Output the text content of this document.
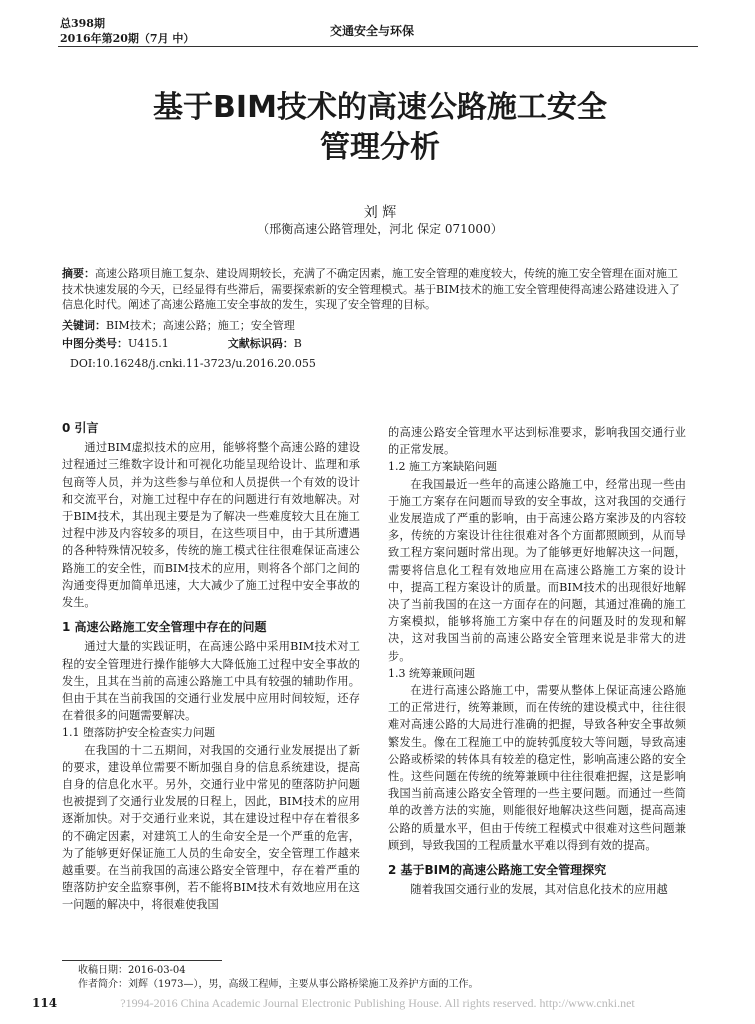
总398期
2016年第20期（7月 中）
交通安全与环保
基于BIM技术的高速公路施工安全
管理分析
刘 辉
（邢衡高速公路管理处，河北 保定 071000）
摘要：高速公路项目施工复杂、建设周期较长，充满了不确定因素，施工安全管理的难度较大，传统的施工安全管理在面对施工技术快速发展的今天，已经显得有些滞后，需要探索新的安全管理模式。基于BIM技术的施工安全管理使得高速公路建设进入了信息化时代。阐述了高速公路施工安全事故的发生，实现了安全管理的目标。
关键词：BIM技术；高速公路；施工；安全管理
中图分类号：U415.1	文献标识码：B
DOI:10.16248/j.cnki.11-3723/u.2016.20.055
0 引言

通过BIM虚拟技术的应用，能够将整个高速公路的建设过程通过三维数字设计和可视化功能呈现给设计、监理和承包商等人员，并为这些参与单位和人员提供一个有效的设计和交流平台，对施工过程中存在的问题进行有效地解决。对于BIM技术，其出现主要是为了解决一些难度较大且在施工过程中涉及内容较多的项目，在这些项目中，由于其所遭遇的各种特殊情况较多，传统的施工模式往往很难保证高速公路施工的安全性，而BIM技术的应用，则将各个部门之间的沟通变得更加简单迅速，大大减少了施工过程中安全事故的发生。

1 高速公路施工安全管理中存在的问题

通过大量的实践证明，在高速公路中采用BIM技术对工程的安全管理进行操作能够大大降低施工过程中安全事故的发生，且其在当前的高速公路施工中具有较强的辅助作用。但由于其在当前我国的交通行业发展中应用时间较短，还存在着很多的问题需要解决。

1.1 堕落防护安全检查实力问题

在我国的十二五期间，对我国的交通行业发展提出了新的要求，建设单位需要不断加强自身的信息系统建设，提高自身的信息化水平。另外，交通行业中常见的堕落防护问题也被提到了交通行业发展的日程上，因此，BIM技术的应用逐渐加快。对于交通行业来说，其在建设过程中存在着很多的不确定因素，对建筑工人的生命安全是一个严重的危害，为了能够更好保证施工人员的生命安全，安全管理工作越来越重要。在当前我国的高速公路安全管理中，存在着严重的堕落防护安全监察事例，若不能将BIM技术有效地应用在这一问题的解决中，将很难使我国

的高速公路安全管理水平达到标准要求，影响我国交通行业的正常发展。

1.2 施工方案缺陷问题

在我国最近一些年的高速公路施工中，经常出现一些由于施工方案存在问题而导致的安全事故，这对我国的交通行业发展造成了严重的影响，由于高速公路方案涉及的内容较多，传统的方案设计往往很难对各个方面都照顾到，从而导致工程方案问题时常出现。为了能够更好地解决这一问题，需要将信息化工程有效地应用在高速公路施工方案的设计中，提高工程方案设计的质量。而BIM技术的出现很好地解决了当前我国的在这一方面存在的问题，其通过准确的施工方案模拟，能够将施工方案中存在的问题及时的发现和解决，这对我国当前的高速公路安全管理来说是非常大的进步。

1.3 统筹兼顾问题

在进行高速公路施工中，需要从整体上保证高速公路施工的正常进行，统筹兼顾，而在传统的建设模式中，往往很难对高速公路的大局进行准确的把握，导致各种安全事故频繁发生。像在工程施工中的旋转弧度较大等问题，导致高速公路或桥梁的转体具有较差的稳定性，影响高速公路的安全性。这些问题在传统的统筹兼顾中往往很难把握，这是影响我国当前高速公路安全管理的一些主要问题。而通过一些简单的改善方法的实施，则能很好地解决这些问题，提高高速公路的质量水平，但由于传统工程模式中很难对这些问题兼顾到，导致我国的工程质量水平难以得到有效的提高。

2 基于BIM的高速公路施工安全管理探究

随着我国交通行业的发展，其对信息化技术的应用越

收稿日期：2016-03-04
作者简介：刘辉（1973—），男，高级工程师，主要从事公路桥梁施工及养护方面的工作。
?1994-2016 China Academic Journal Electronic Publishing House. All rights reserved. http://www.cnki.net
114
